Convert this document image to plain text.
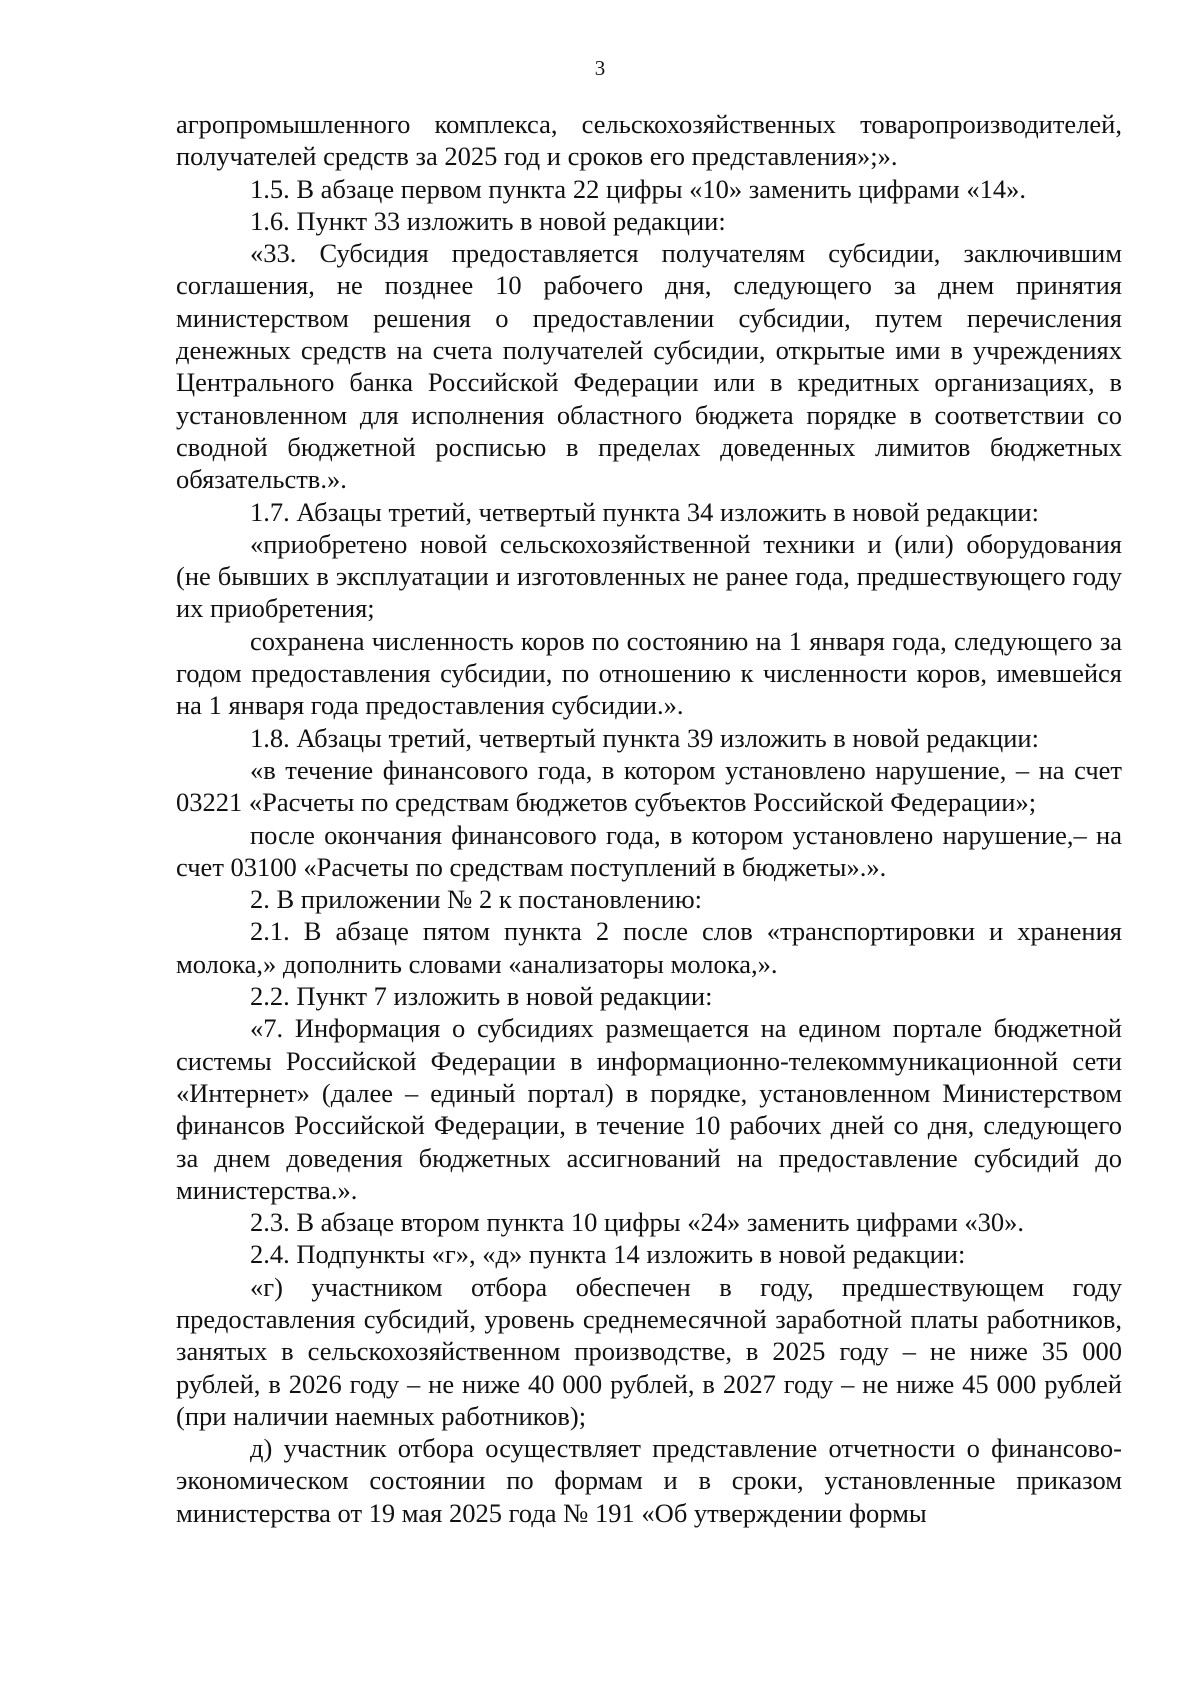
3

агропромышленного комплекса, сельскохозяйственных товаропроизводителей, получателей средств за 2025 год и сроков его представления»;».

1.5. В абзаце первом пункта 22 цифры «10» заменить цифрами «14».

1.6. Пункт 33 изложить в новой редакции:

«33. Субсидия предоставляется получателям субсидии, заключившим соглашения, не позднее 10 рабочего дня, следующего за днем принятия министерством решения о предоставлении субсидии, путем перечисления денежных средств на счета получателей субсидии, открытые ими в учреждениях Центрального банка Российской Федерации или в кредитных организациях, в установленном для исполнения областного бюджета порядке в соответствии со сводной бюджетной росписью в пределах доведенных лимитов бюджетных обязательств.».

1.7. Абзацы третий, четвертый пункта 34 изложить в новой редакции:

«приобретено новой сельскохозяйственной техники и (или) оборудования (не бывших в эксплуатации и изготовленных не ранее года, предшествующего году их приобретения;

сохранена численность коров по состоянию на 1 января года, следующего за годом предоставления субсидии, по отношению к численности коров, имевшейся на 1 января года предоставления субсидии.».

1.8. Абзацы третий, четвертый пункта 39 изложить в новой редакции:

«в течение финансового года, в котором установлено нарушение, – на счет 03221 «Расчеты по средствам бюджетов субъектов Российской Федерации»;

после окончания финансового года, в котором установлено нарушение,– на счет 03100 «Расчеты по средствам поступлений в бюджеты».».

2. В приложении № 2 к постановлению:

2.1. В абзаце пятом пункта 2 после слов «транспортировки и хранения молока,» дополнить словами «анализаторы молока,».

2.2. Пункт 7 изложить в новой редакции:

«7. Информация о субсидиях размещается на едином портале бюджетной системы Российской Федерации в информационно-телекоммуникационной сети «Интернет» (далее – единый портал) в порядке, установленном Министерством финансов Российской Федерации, в течение 10 рабочих дней со дня, следующего за днем доведения бюджетных ассигнований на предоставление субсидий до министерства.».

2.3. В абзаце втором пункта 10 цифры «24» заменить цифрами «30».

2.4. Подпункты «г», «д» пункта 14 изложить в новой редакции:

«г) участником отбора обеспечен в году, предшествующем году предоставления субсидий, уровень среднемесячной заработной платы работников, занятых в сельскохозяйственном производстве, в 2025 году – не ниже 35 000 рублей, в 2026 году – не ниже 40 000 рублей, в 2027 году – не ниже 45 000 рублей (при наличии наемных работников);

д) участник отбора осуществляет представление отчетности о финансово-экономическом состоянии по формам и в сроки, установленные приказом министерства от 19 мая 2025 года № 191 «Об утверждении формы
